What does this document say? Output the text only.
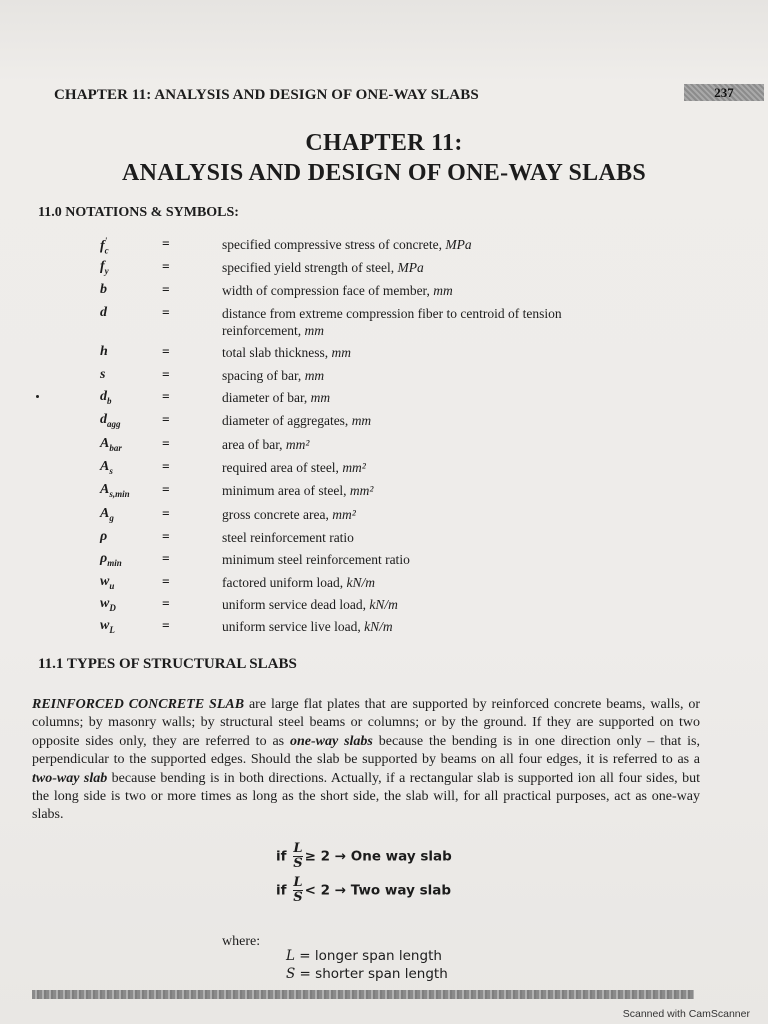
CHAPTER 11: ANALYSIS AND DESIGN OF ONE-WAY SLABS	237
CHAPTER 11:
ANALYSIS AND DESIGN OF ONE-WAY SLABS
11.0 NOTATIONS & SYMBOLS:
$f_c'$	=	specified compressive stress of concrete, MPa
$f_y$	=	specified yield strength of steel, MPa
b	=	width of compression face of member, mm
d	=	distance from extreme compression fiber to centroid of tension reinforcement, mm
h	=	total slab thickness, mm
s	=	spacing of bar, mm
$d_b$	=	diameter of bar, mm
$d_{agg}$	=	diameter of aggregates, mm
$A_{bar}$	=	area of bar, mm²
$A_s$	=	required area of steel, mm²
$A_{s,min}$ =	minimum area of steel, mm²
$A_g$	=	gross concrete area, mm²
ρ	=	steel reinforcement ratio
$\rho_{min}$	=	minimum steel reinforcement ratio
$w_u$	=	factored uniform load, kN/m
$w_D$	=	uniform service dead load, kN/m
$w_L$	=	uniform service live load, kN/m
11.1 TYPES OF STRUCTURAL SLABS
REINFORCED CONCRETE SLAB are large flat plates that are supported by reinforced concrete beams, walls, or columns; by masonry walls; by structural steel beams or columns; or by the ground. If they are supported on two opposite sides only, they are referred to as one-way slabs because the bending is in one direction only – that is, perpendicular to the supported edges. Should the slab be supported by beams on all four edges, it is referred to as a two-way slab because bending is in both directions. Actually, if a rectangular slab is supported ion all four sides, but the long side is two or more times as long as the short side, the slab will, for all practical purposes, act as one-way slabs.
if $\frac{L}{S} \ge 2$ → One way slab
if $\frac{L}{S} < 2$ → Two way slab
where:
L = longer span length
S = shorter span length
Scanned with CamScanner
